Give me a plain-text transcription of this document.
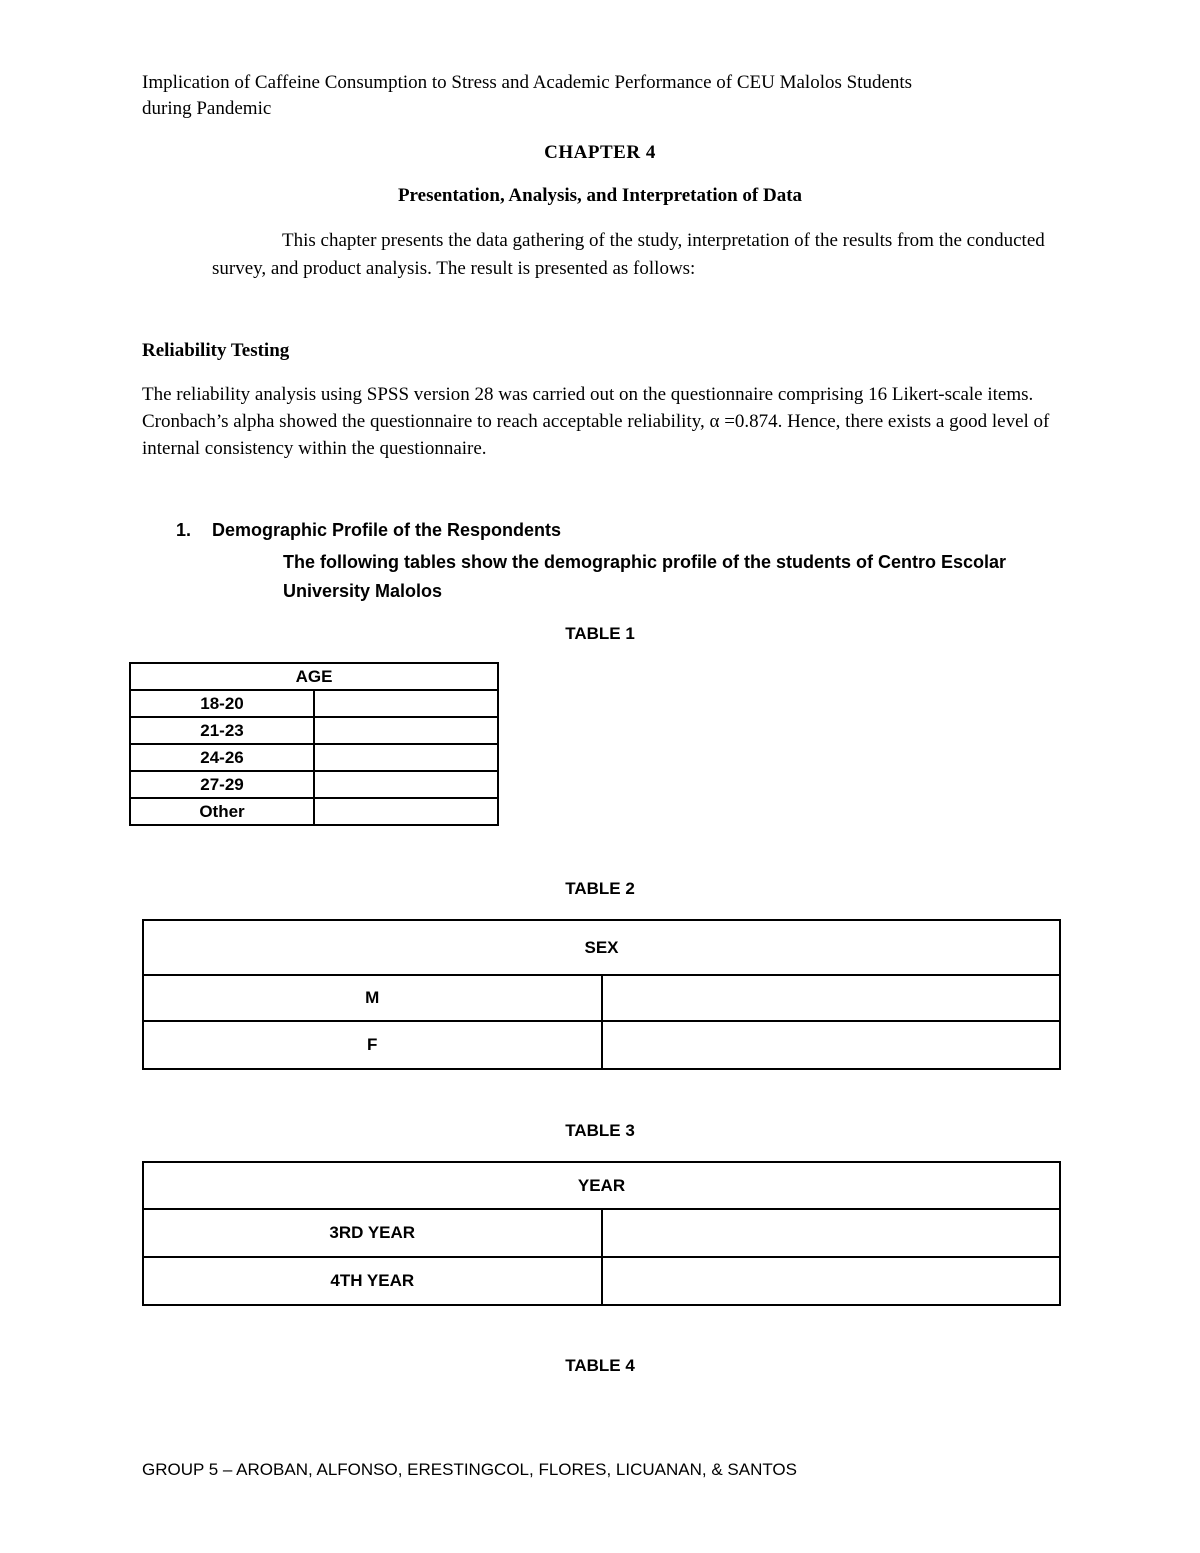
Implication of Caffeine Consumption to Stress and Academic Performance of CEU Malolos Students
during Pandemic
CHAPTER 4
Presentation, Analysis, and Interpretation of Data
This chapter presents the data gathering of the study, interpretation of the results from the conducted survey, and product analysis. The result is presented as follows:
Reliability Testing
The reliability analysis using SPSS version 28 was carried out on the questionnaire comprising 16 Likert-scale items. Cronbach’s alpha showed the questionnaire to reach acceptable reliability, α =0.874. Hence, there exists a good level of internal consistency within the questionnaire.
1. Demographic Profile of the Respondents
The following tables show the demographic profile of the students of Centro Escolar University Malolos
TABLE 1
AGE	
18-20	
21-23	
24-26	
27-29	
Other	
TABLE 2
SEX	
M	
F	
TABLE 3
YEAR	
3RD YEAR	
4TH YEAR	
TABLE 4
GROUP 5 – AROBAN, ALFONSO, ERESTINGCOL, FLORES, LICUANAN, & SANTOS
